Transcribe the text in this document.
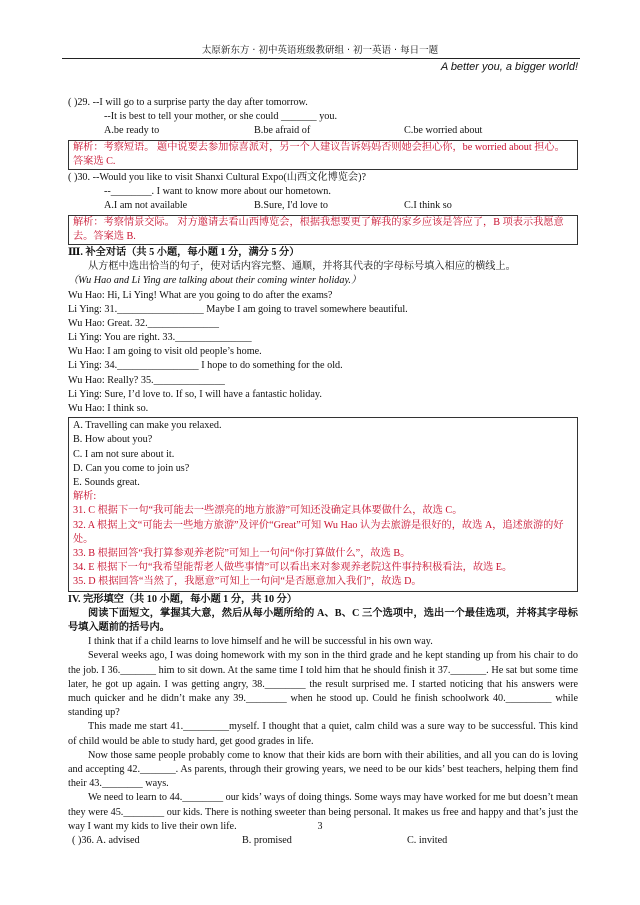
太原新东方 · 初中英语班级教研组 · 初一英语 · 每日一题
A better you, a bigger world!
( )29. --I will go to a surprise party the day after tomorrow.
--It is best to tell your mother, or she could _______ you.
A.be ready to	B.be afraid of	C.be worried about
解析：考察短语。 题中说要去参加惊喜派对，另一个人建议告诉妈妈否则她会担心你，be worried about 担心。答案选 C.
( )30. --Would you like to visit Shanxi Cultural Expo(山西文化博览会)?
--________. I want to know more about our hometown.
A.I am not available	B.Sure, I'd love to	C.I think so
解析：考察情景交际。 对方邀请去看山西博览会，根据我想要更了解我的家乡应该是答应了，B 项表示我愿意去。答案选 B.
Ⅲ. 补全对话（共 5 小题，每小题 1 分，满分 5 分）
从方框中选出恰当的句子，使对话内容完整、通顺，并将其代表的字母标号填入相应的横线上。
（Wu Hao and Li Ying are talking about their coming winter holiday.）
Wu Hao: Hi, Li Ying! What are you going to do after the exams?
Li Ying: 31._________________ Maybe I am going to travel somewhere beautiful.
Wu Hao: Great. 32.______________
Li Ying: You are right. 33._______________
Wu Hao: I am going to visit old people’s home.
Li Ying: 34.________________ I hope to do something for the old.
Wu Hao: Really? 35.______________
Li Ying: Sure, I’d love to. If so, I will have a fantastic holiday.
Wu Hao: I think so.
A. Travelling can make you relaxed.
B. How about you?
C. I am not sure about it.
D. Can you come to join us?
E. Sounds great.
解析:
31. C 根据下一句“我可能去一些漂亮的地方旅游”可知还没确定具体要做什么，故选 C。
32. A 根据上文“可能去一些地方旅游”及评价“Great”可知 Wu Hao 认为去旅游是很好的，故选 A，追述旅游的好处。
33. B 根据回答“我打算参观养老院”可知上一句问“你打算做什么”，故选 B。
34. E 根据下一句“我希望能帮老人做些事情”可以看出来对参观养老院这件事持积极看法，故选 E。
35. D 根据回答“当然了，我愿意”可知上一句问“是否愿意加入我们”，故选 D。
IV. 完形填空（共 10 小题，每小题 1 分，共 10 分）
阅读下面短文，掌握其大意，然后从每小题所给的 A、B、C 三个选项中，选出一个最佳选项，并将其字母标号填入题前的括号内。
I think that if a child learns to love himself and he will be successful in his own way.
Several weeks ago, I was doing homework with my son in the third grade and he kept standing up from his chair to do the job. I 36._______ him to sit down. At the same time I told him that he should finish it 37._______. He sat but some time later, he got up again. I was getting angry, 38.________ the result surprised me. I started noticing that his answers were much quicker and he didn’t make any 39.________ when he stood up. Could he finish schoolwork 40._________ while standing up?
This made me start 41._________myself. I thought that a quiet, calm child was a sure way to be successful. This kind of child would be able to study hard, get good grades in life.
Now those same people probably come to know that their kids are born with their abilities, and all you can do is loving and accepting 42._______. As parents, through their growing years, we need to be our kids’ best teachers, helping them find their 43.________ ways.
We need to learn to 44.________ our kids’ ways of doing things. Some ways may have worked for me but doesn’t mean they were 45.________ our kids. There is nothing sweeter than being personal. It makes us free and happy and that’s just the way I want my kids to live their own life.
( )36. A. advised	B. promised	C. invited
3
